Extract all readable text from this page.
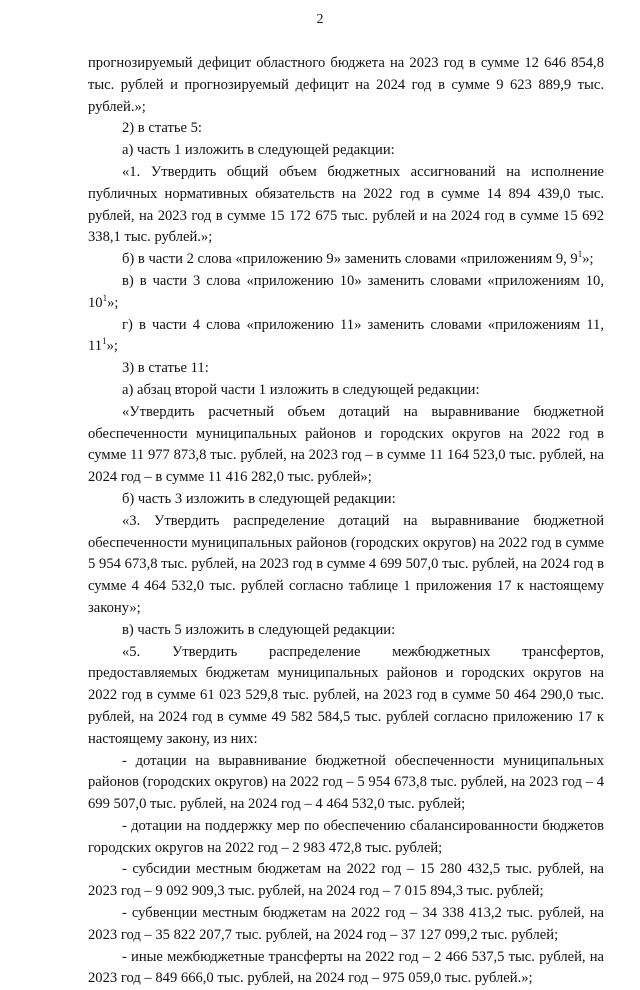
2

прогнозируемый дефицит областного бюджета на 2023 год в сумме 12 646 854,8 тыс. рублей и прогнозируемый дефицит на 2024 год в сумме 9 623 889,9 тыс. рублей.»;

2) в статье 5:

а) часть 1 изложить в следующей редакции:

«1. Утвердить общий объем бюджетных ассигнований на исполнение публичных нормативных обязательств на 2022 год в сумме 14 894 439,0 тыс. рублей, на 2023 год в сумме 15 172 675 тыс. рублей и на 2024 год в сумме 15 692 338,1 тыс. рублей.»;

б) в части 2 слова «приложению 9» заменить словами «приложениям 9, $9^1$»;

в) в части 3 слова «приложению 10» заменить словами «приложениям 10, $10^1$»;

г) в части 4 слова «приложению 11» заменить словами «приложениям 11, $11^1$»;

3) в статье 11:

а) абзац второй части 1 изложить в следующей редакции:

«Утвердить расчетный объем дотаций на выравнивание бюджетной обеспеченности муниципальных районов и городских округов на 2022 год в сумме 11 977 873,8 тыс. рублей, на 2023 год – в сумме 11 164 523,0 тыс. рублей, на 2024 год – в сумме 11 416 282,0 тыс. рублей»;

б) часть 3 изложить в следующей редакции:

«3. Утвердить распределение дотаций на выравнивание бюджетной обеспеченности муниципальных районов (городских округов) на 2022 год в сумме 5 954 673,8 тыс. рублей, на 2023 год в сумме 4 699 507,0 тыс. рублей, на 2024 год в сумме 4 464 532,0 тыс. рублей согласно таблице 1 приложения 17 к настоящему закону»;

в) часть 5 изложить в следующей редакции:

«5. Утвердить распределение межбюджетных трансфертов, предоставляемых бюджетам муниципальных районов и городских округов на 2022 год в сумме 61 023 529,8 тыс. рублей, на 2023 год в сумме 50 464 290,0 тыс. рублей, на 2024 год в сумме 49 582 584,5 тыс. рублей согласно приложению 17 к настоящему закону, из них:

- дотации на выравнивание бюджетной обеспеченности муниципальных районов (городских округов) на 2022 год – 5 954 673,8 тыс. рублей, на 2023 год – 4 699 507,0 тыс. рублей, на 2024 год – 4 464 532,0 тыс. рублей;

- дотации на поддержку мер по обеспечению сбалансированности бюджетов городских округов на 2022 год – 2 983 472,8 тыс. рублей;

- субсидии местным бюджетам на 2022 год – 15 280 432,5 тыс. рублей, на 2023 год – 9 092 909,3 тыс. рублей, на 2024 год – 7 015 894,3 тыс. рублей;

- субвенции местным бюджетам на 2022 год – 34 338 413,2 тыс. рублей, на 2023 год – 35 822 207,7 тыс. рублей, на 2024 год – 37 127 099,2 тыс. рублей;

- иные межбюджетные трансферты на 2022 год – 2 466 537,5 тыс. рублей, на 2023 год – 849 666,0 тыс. рублей, на 2024 год – 975 059,0 тыс. рублей.»;
